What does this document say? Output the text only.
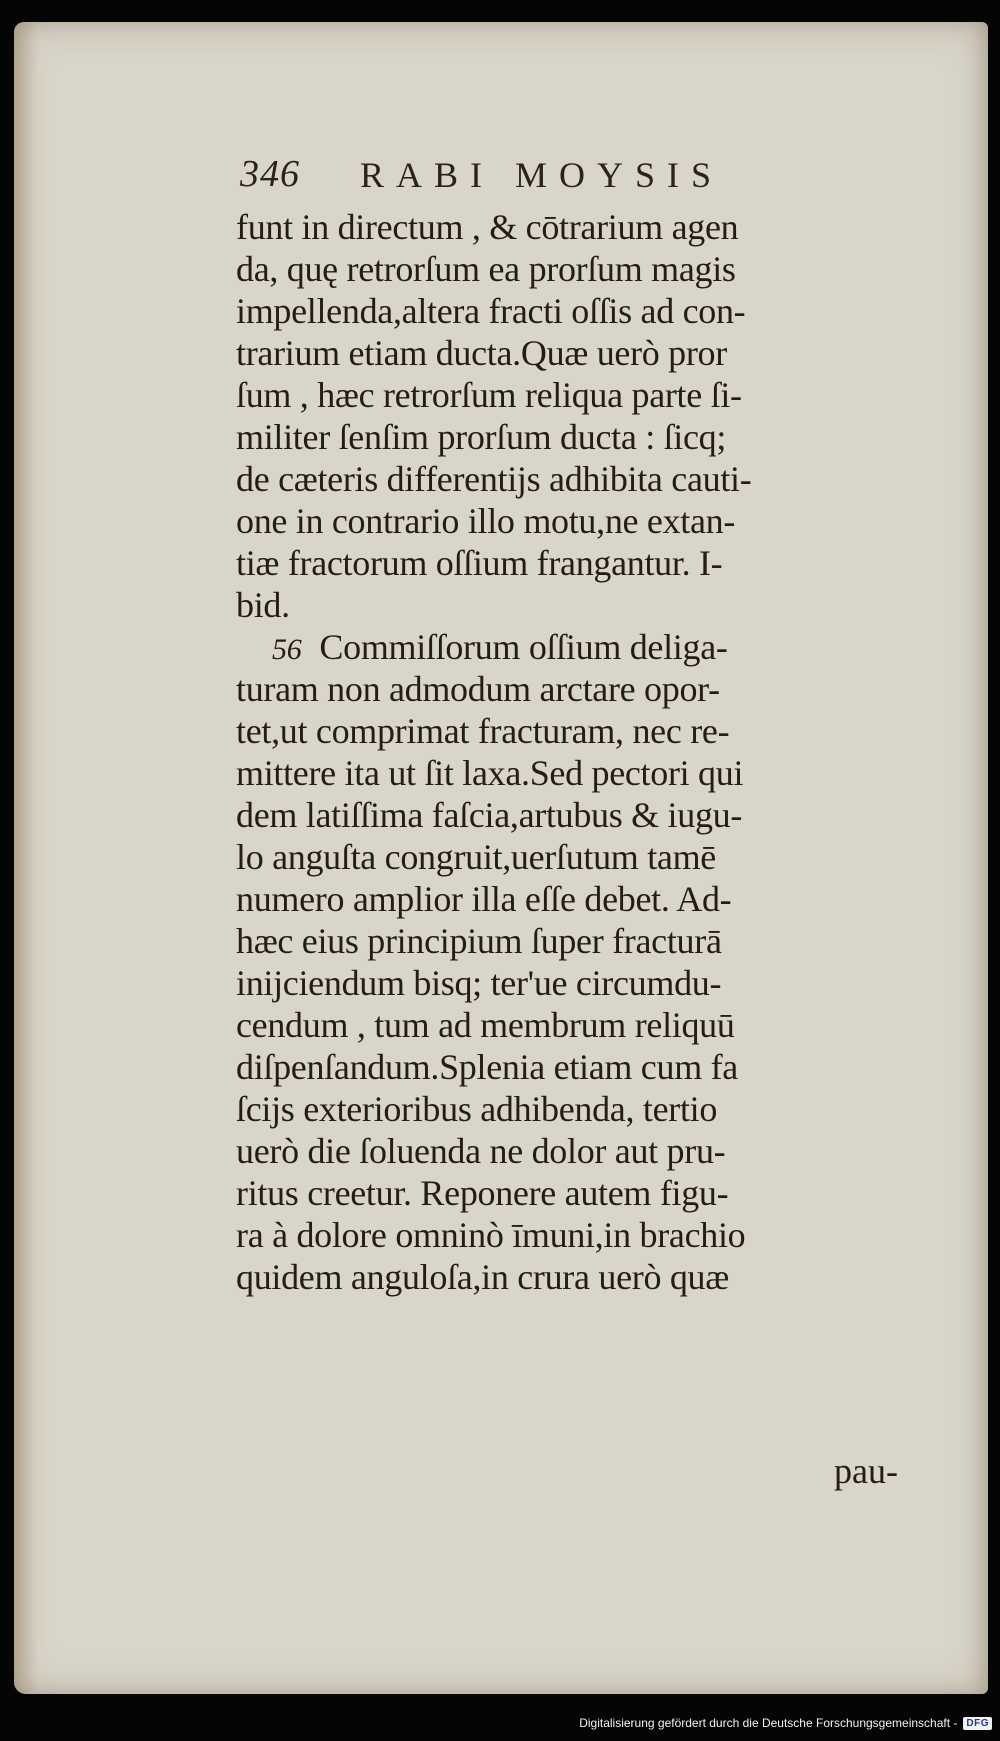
346 RABI MOYSIS
funt in directum , & cōtrarium agen
da, quę retrorſum ea prorſum magis
impellenda,altera fracti oſſis ad con-
trarium etiam ducta.Quæ uerò pror
ſum , hæc retrorſum reliqua parte ſi-
militer ſenſim prorſum ducta : ſicq;
de cæteris differentijs adhibita cauti-
one in contrario illo motu,ne extan-
tiæ fractorum oſſium frangantur. I-
bid.
56 Commiſſorum oſſium deliga-
turam non admodum arctare opor-
tet,ut comprimat fracturam, nec re-
mittere ita ut ſit laxa.Sed pectori qui
dem latiſſima faſcia,artubus & iugu-
lo anguſta congruit,uerſutum tamē
numero amplior illa eſſe debet. Ad-
hæc eius principium ſuper fracturā
inijciendum bisq; ter'ue circumdu-
cendum , tum ad membrum reliquū
diſpenſandum.Splenia etiam cum fa
ſcijs exterioribus adhibenda, tertio
uerò die ſoluenda ne dolor aut pru-
ritus creetur. Reponere autem figu-
ra à dolore omninò īmuni,in brachio
quidem anguloſa,in crura uerò quæ
pau-
Digitalisierung gefördert durch die Deutsche Forschungsgemeinschaft - DFG
